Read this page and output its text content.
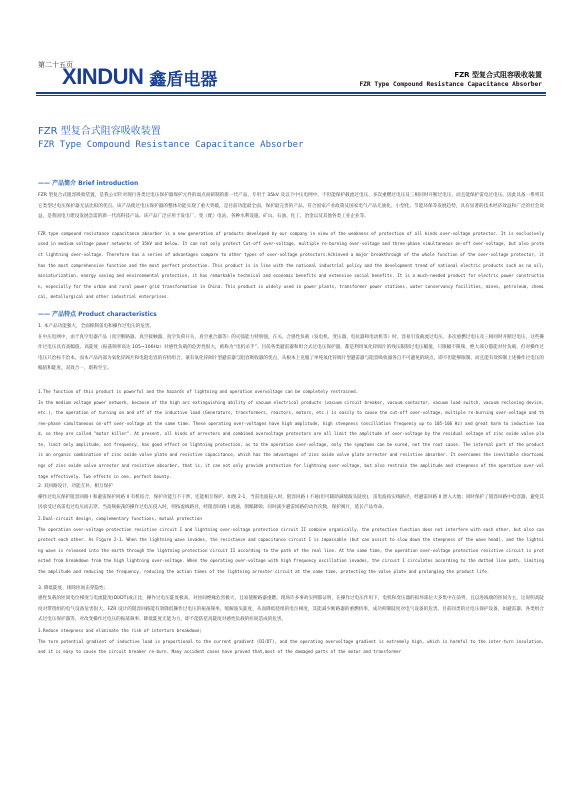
第二十五页
X INDUN 鑫盾电器	FZR 型复合式阻容吸收装置
FZR Type Compound Resistance Capacitance Absorber
FZR 型复合式阻容吸收装置
FZR Type Compound Resistance Capacitance Absorber
—— 产品简介 Brief introduction

FZR 型复合式阻容吸收装置，是我公司针对现行各类过电压保护器保护元件的弱点而研制的新一代产品，专用于 35kV 及以下中压电网中。不但能保护截流过电压、多次重燃过电压及三相同时开断过电压，而且能保护雷电过电压。因此具备一系列其它类型过电压保护器无法比拟的优点。该产品使过电压保护器的整体功能实现了重大突破，是目前功能最全面、保护最完善的产品。符合国家产业政策及国家电气产品无油化、小型化、节能环保等发展趋势，具有显著的技术经济效益和广泛的社会效益，是我国电力建设发展急需的新一代高科技产品。该产品广泛应用于发电厂、变（配）电站、各种水利设施、矿山、石油、化工、冶金以及其他各类工业企业等。

FZR type compound resistance capacitance absorber is a new generation of products developed by our company in view of the weakness of protection of all kinds over-voltage protector. It is exclusively used in medium voltage power networks of 35kV and below. It can not only protect Cut-off over-voltage, multiple re-burning over-voltage and three-phase simultaneous on-off over-voltage, but also protect lightning over-voltage. Therefore has a series of advantages compare to other types of over-voltage protectors.Achieved a major breakthrough of the whole function of the over-voltage protector, it has the most comprehensive function and the most perfect protection. This product is in line with the national industrial policy and the development trend of national electric products such as no oil, miniaturization, energy saving and environmental protection, it has remarkable technical and economic benefits and extensive social benefits. It is a much-needed product for electric power construction, especially for the urban and rural power grid transformation in China. This product is widely used in power plants, transformer power stations, water conservancy facilities, mines, petroleum, chemical, metallurgical and other industrial enterprises.

—— 产品特点 Product characteristics

1. 本产品功能强大，全面抑制雷电和操作过电压的危害。

在中压电网中，由于真空电器产品（真空断路器、真空接触器、真空负荷开关、真空重合器等）的灭弧能力特别强，在关、合感性负载（发电机、变压器、电抗器和电动机等）时，容易引发截流过电压、多次重燃过电压及三相同时开断过电压，这些操作过电压具有高幅值、高陡度（振荡频率高达 105~106Hz）对感性负载的危害性很大，被称为“电机杀手”。目前各类避雷器和组合式过电压保护器，都是利用氧化锌阀片的残压限制过电压幅值，只限幅不限频，绝大部分都能对付负载，但对操作过电压只治标不治本。而本产品内部为氧化锌阀片和电阻电容的有机组合，兼有氧化锌阀片型避雷器与阻容吸收器的优点，从根本上克服了单纯氧化锌阀片型避雷器与阻容吸收器各自不可避免的缺点，即不但能够限制、而且能有效抑制上述操作过电压的幅值和陡度。双效合一，堪称至宝。

1.The function of this product is powerful and the hazards of lightning and operation overvoltage can be completely restrained.

In the medium voltage power network, because of the high arc extinguishing ability of vacuum electrical products (vacuum circuit breaker, vacuum contactor, vacuum load switch, vacuum reclosing device, etc.), the operation of turning on and off of the inductive load (Generators, transformers, reactors, motors, etc.) is easily to cause the cut-off over-voltage, multiple re-burning over-voltage and three-phase simultaneous on-off over-voltage at the same time. These operating over-voltages have high amplitude, high steepness (oscillation frequency up to 105-106 Hz) and great harm to inductive load, so they are called "motor killer". At present, all kinds of arresters and combined overvoltage protectors are all limit the amplitude of over-voltage by the residual voltage of zinc oxide valve plate, limit only amplitude, not frequency, has good effect on lightning protection, as to the operation over-voltage, only the symptoms can be cured, not the root cause. The internal part of the product is an organic combination of zinc oxide valve plate and resistive capacitance, which has the advantages of zinc oxide valve plate arrester and resistive absorber. It overcomes the inevitable shortcomings of zinc oxide valve arrester and resistive absorber, that is, it can not only provide protection for lightning over-voltage, but also restrain the amplitude and steepness of the operation over-voltage effectively. Two effects in one, perfect bounty.

2. 双回路设计，功能互补，相互保护

操作过电压保护阻容回路 I 和避雷保护回路 II 有机结合，保护功能互不干涉，还能相互保护。如图 2-1，当雷电波侵入时，阻容回路 I 不通(但可辅助减缓波头陡度)，雷电波按实线路径，经避雷回路 II 泄入大地；同时保护了阻容回路中电容器，避免其因承受过高雷电过电压而击穿。当高频振荡的操作过电压侵入时，则按虚线路径，经阻容回路 I 流通，削幅降频；同时减少避雷回路的动作次数，保护阀片，延长产品寿命。

2.Dual-circuit design, complementary functions, mutual protection

The operation over-voltage protection resistive circuit I and lightning over-voltage protection circuit II combine organically, the protection function does not interfere with each other, but also can protect each other. As Figure 2-1. When the lightning wave invades, the resistance and capacitance circuit I is impassable (but can assist to slow down the steepness of the wave head), and the lightning wave is released into the earth through the lightning protection circuit II according to the path of the real line. At the same time, the operation over-voltage protection resistive circuit is protected from breakdown from the high lightning over-voltage. When the operating over-voltage with high frequency oscillation invades, the circuit I circulates according to the dotted line path, limiting the amplitude and reducing the frequency, reducing the action times of the lightning arrester circuit at the same time, protecting the valve plate and prolonging the product life.

3. 降低陡度，排除匝间击穿隐性；

感性负载的匝间电位梯度与电流陡度(DI/DT)成正比，操作过电压陡度极高，对匝间绝缘危害极大，且易使断路器重燃。现场许多事故实例都证明，在操作过电压作用下，电机和变压器的损坏部位大多集中在前列，且以进线端的匝间为主，这说明高陡度对带绕组的电气设备危害很大。FZR 设计的阻容回路能有效降低操作过电压的振荡频率，缓解波头陡度，从而降低绕组的电位梯度，其能减少断路器的重燃机率，成功抑制陡度对电气设备的危害。目前同类的过电压保护设备，如避雷器、各类组合式过电压保护器等，对改变操作过电压的振荡频率、降低陡度无能为力，即不能防范高陡度对感性负载的匝间造成的危害。

3.Reduce steepness and eliminate the risk of interturn breakdown;

The turn potential gradient of inductive load is proportional to the current gradient (DI/DT), and the operating overvoltage gradient is extremely high, which is harmful to the inter-turn insulation, and it is easy to cause the circuit breaker re-burn. Many accident cases have proved that,most of the damaged parts of the motor and transformer
